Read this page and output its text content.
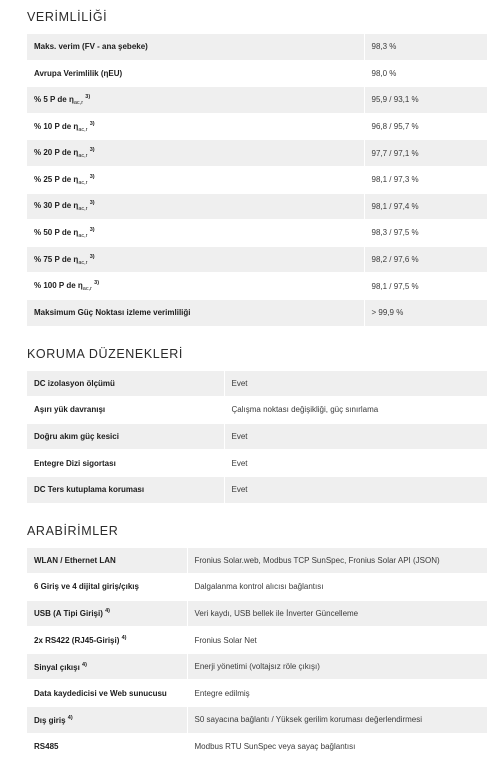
VERİMLİLİĞİ
Maks. verim (FV - ana şebeke)	98,3 %
Avrupa Verimlilik (ηEU)	98,0 %
% 5 P de $\eta_{ac,r}$ $^{3)}$	95,9 / 93,1 %
% 10 P de $\eta_{ac,r}$ $^{3)}$	96,8 / 95,7 %
% 20 P de $\eta_{ac,r}$ $^{3)}$	97,7 / 97,1 %
% 25 P de $\eta_{ac,r}$ $^{3)}$	98,1 / 97,3 %
% 30 P de $\eta_{ac,r}$ $^{3)}$	98,1 / 97,4 %
% 50 P de $\eta_{ac,r}$ $^{3)}$	98,3 / 97,5 %
% 75 P de $\eta_{ac,r}$ $^{3)}$	98,2 / 97,6 %
% 100 P de $\eta_{ac,r}$ $^{3)}$	98,1 / 97,5 %
Maksimum Güç Noktası izleme verimliliği	> 99,9 %
KORUMA DÜZENEKLERİ
DC izolasyon ölçümü	Evet
Aşırı yük davranışı	Çalışma noktası değişikliği, güç sınırlama
Doğru akım güç kesici	Evet
Entegre Dizi sigortası	Evet
DC Ters kutuplama koruması	Evet
ARABİRİMLER
WLAN / Ethernet LAN	Fronius Solar.web, Modbus TCP SunSpec, Fronius Solar API (JSON)
6 Giriş ve 4 dijital giriş/çıkış	Dalgalanma kontrol alıcısı bağlantısı
USB (A Tipi Girişi) $^{4)}$	Veri kaydı, USB bellek ile İnverter Güncelleme
2x RS422 (RJ45-Girişi) $^{4)}$	Fronius Solar Net
Sinyal çıkışı $^{4)}$	Enerji yönetimi (voltajsız röle çıkışı)
Data kaydedicisi ve Web sunucusu	Entegre edilmiş
Dış giriş $^{4)}$	S0 sayacına bağlantı / Yüksek gerilim koruması değerlendirmesi
RS485	Modbus RTU SunSpec veya sayaç bağlantısı
